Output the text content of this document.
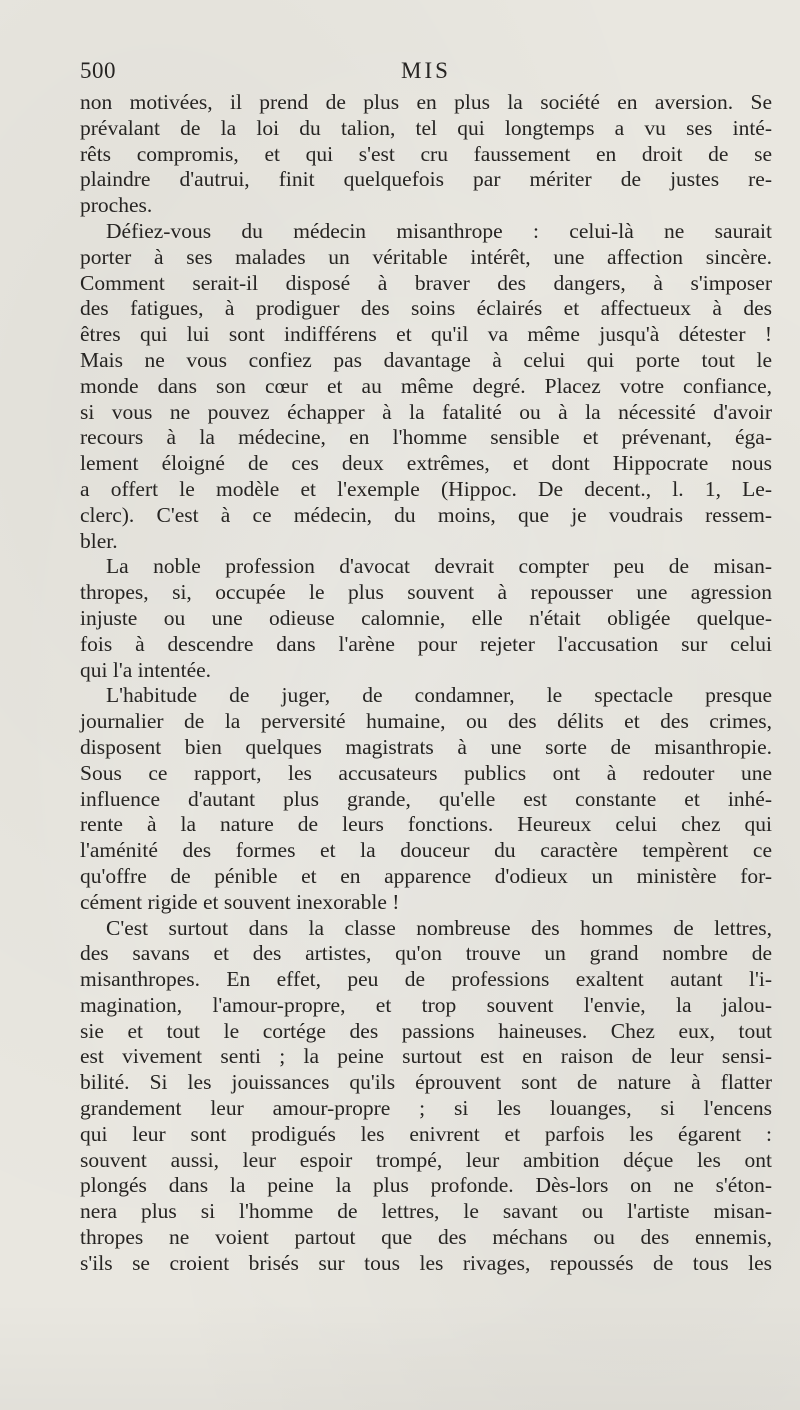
500	MIS
non motivées, il prend de plus en plus la société en aversion. Se
prévalant de la loi du talion, tel qui longtemps a vu ses inté-
rêts compromis, et qui s'est cru faussement en droit de se
plaindre d'autrui, finit quelquefois par mériter de justes re-
proches.
Défiez-vous du médecin misanthrope : celui-là ne saurait
porter à ses malades un véritable intérêt, une affection sincère.
Comment serait-il disposé à braver des dangers, à s'imposer
des fatigues, à prodiguer des soins éclairés et affectueux à des
êtres qui lui sont indifférens et qu'il va même jusqu'à détester !
Mais ne vous confiez pas davantage à celui qui porte tout le
monde dans son cœur et au même degré. Placez votre confiance,
si vous ne pouvez échapper à la fatalité ou à la nécessité d'avoir
recours à la médecine, en l'homme sensible et prévenant, éga-
lement éloigné de ces deux extrêmes, et dont Hippocrate nous
a offert le modèle et l'exemple (Hippoc. De decent., l. 1, Le-
clerc). C'est à ce médecin, du moins, que je voudrais ressem-
bler.
La noble profession d'avocat devrait compter peu de misan-
thropes, si, occupée le plus souvent à repousser une agression
injuste ou une odieuse calomnie, elle n'était obligée quelque-
fois à descendre dans l'arène pour rejeter l'accusation sur celui
qui l'a intentée.
L'habitude de juger, de condamner, le spectacle presque
journalier de la perversité humaine, ou des délits et des crimes,
disposent bien quelques magistrats à une sorte de misanthropie.
Sous ce rapport, les accusateurs publics ont à redouter une
influence d'autant plus grande, qu'elle est constante et inhé-
rente à la nature de leurs fonctions. Heureux celui chez qui
l'aménité des formes et la douceur du caractère tempèrent ce
qu'offre de pénible et en apparence d'odieux un ministère for-
cément rigide et souvent inexorable !
C'est surtout dans la classe nombreuse des hommes de lettres,
des savans et des artistes, qu'on trouve un grand nombre de
misanthropes. En effet, peu de professions exaltent autant l'i-
magination, l'amour-propre, et trop souvent l'envie, la jalou-
sie et tout le cortége des passions haineuses. Chez eux, tout
est vivement senti ; la peine surtout est en raison de leur sensi-
bilité. Si les jouissances qu'ils éprouvent sont de nature à flatter
grandement leur amour-propre ; si les louanges, si l'encens
qui leur sont prodigués les enivrent et parfois les égarent :
souvent aussi, leur espoir trompé, leur ambition déçue les ont
plongés dans la peine la plus profonde. Dès-lors on ne s'éton-
nera plus si l'homme de lettres, le savant ou l'artiste misan-
thropes ne voient partout que des méchans ou des ennemis,
s'ils se croient brisés sur tous les rivages, repoussés de tous les
